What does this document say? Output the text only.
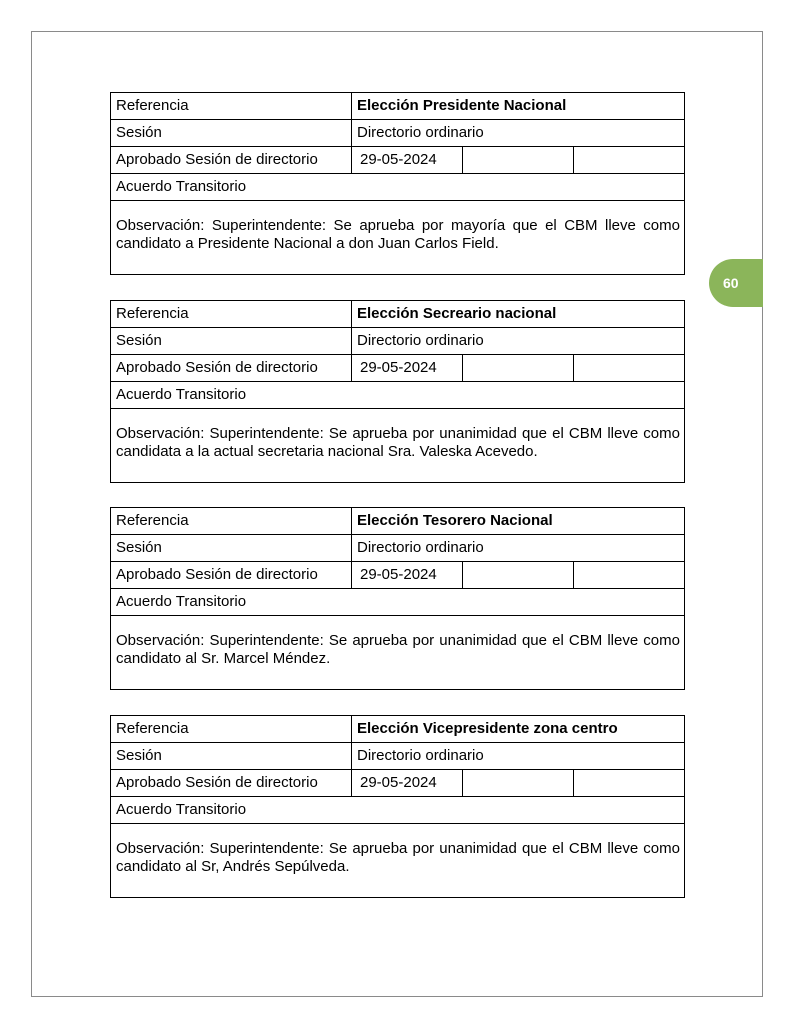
60
Referencia	Elección Presidente Nacional
Sesión	Directorio ordinario
Aprobado Sesión de directorio	29-05-2024
Acuerdo Transitorio
Observación: Superintendente: Se aprueba por mayoría que el CBM lleve como candidato a Presidente Nacional a don Juan Carlos Field.
Referencia	Elección Secreario nacional
Sesión	Directorio ordinario
Aprobado Sesión de directorio	29-05-2024
Acuerdo Transitorio
Observación: Superintendente: Se aprueba por unanimidad que el CBM lleve como candidata a la actual secretaria nacional Sra. Valeska Acevedo.
Referencia	Elección Tesorero Nacional
Sesión	Directorio ordinario
Aprobado Sesión de directorio	29-05-2024
Acuerdo Transitorio
Observación: Superintendente: Se aprueba por unanimidad que el CBM lleve como candidato al Sr. Marcel Méndez.
Referencia	Elección Vicepresidente zona centro
Sesión	Directorio ordinario
Aprobado Sesión de directorio	29-05-2024
Acuerdo Transitorio
Observación: Superintendente: Se aprueba por unanimidad que el CBM lleve como candidato al Sr, Andrés Sepúlveda.
